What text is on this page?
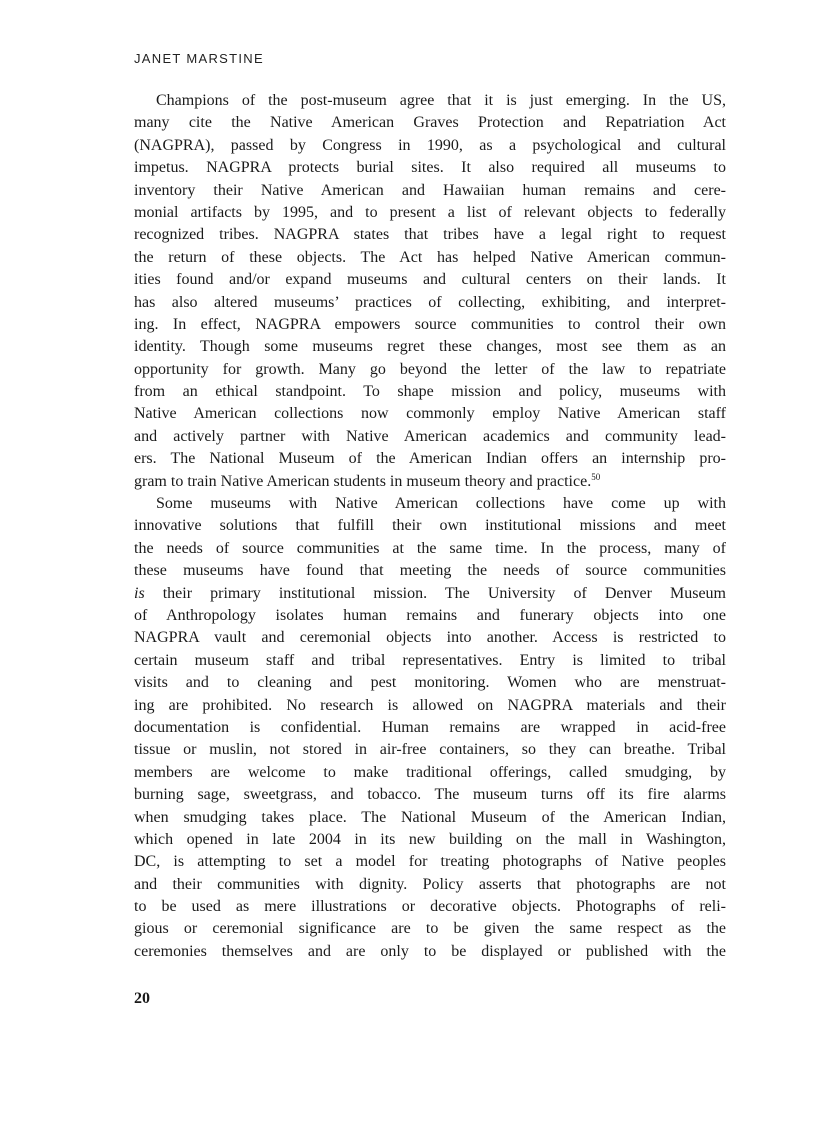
JANET MARSTINE
Champions of the post-museum agree that it is just emerging. In the US,
many cite the Native American Graves Protection and Repatriation Act
(NAGPRA), passed by Congress in 1990, as a psychological and cultural
impetus. NAGPRA protects burial sites. It also required all museums to
inventory their Native American and Hawaiian human remains and cere-
monial artifacts by 1995, and to present a list of relevant objects to federally
recognized tribes. NAGPRA states that tribes have a legal right to request
the return of these objects. The Act has helped Native American commun-
ities found and/or expand museums and cultural centers on their lands. It
has also altered museums’ practices of collecting, exhibiting, and interpret-
ing. In effect, NAGPRA empowers source communities to control their own
identity. Though some museums regret these changes, most see them as an
opportunity for growth. Many go beyond the letter of the law to repatriate
from an ethical standpoint. To shape mission and policy, museums with
Native American collections now commonly employ Native American staff
and actively partner with Native American academics and community lead-
ers. The National Museum of the American Indian offers an internship pro-
gram to train Native American students in museum theory and practice.$^{50}$
Some museums with Native American collections have come up with
innovative solutions that fulfill their own institutional missions and meet
the needs of source communities at the same time. In the process, many of
these museums have found that meeting the needs of source communities
is their primary institutional mission. The University of Denver Museum
of Anthropology isolates human remains and funerary objects into one
NAGPRA vault and ceremonial objects into another. Access is restricted to
certain museum staff and tribal representatives. Entry is limited to tribal
visits and to cleaning and pest monitoring. Women who are menstruat-
ing are prohibited. No research is allowed on NAGPRA materials and their
documentation is confidential. Human remains are wrapped in acid-free
tissue or muslin, not stored in air-free containers, so they can breathe. Tribal
members are welcome to make traditional offerings, called smudging, by
burning sage, sweetgrass, and tobacco. The museum turns off its fire alarms
when smudging takes place. The National Museum of the American Indian,
which opened in late 2004 in its new building on the mall in Washington,
DC, is attempting to set a model for treating photographs of Native peoples
and their communities with dignity. Policy asserts that photographs are not
to be used as mere illustrations or decorative objects. Photographs of reli-
gious or ceremonial significance are to be given the same respect as the
ceremonies themselves and are only to be displayed or published with the
20
